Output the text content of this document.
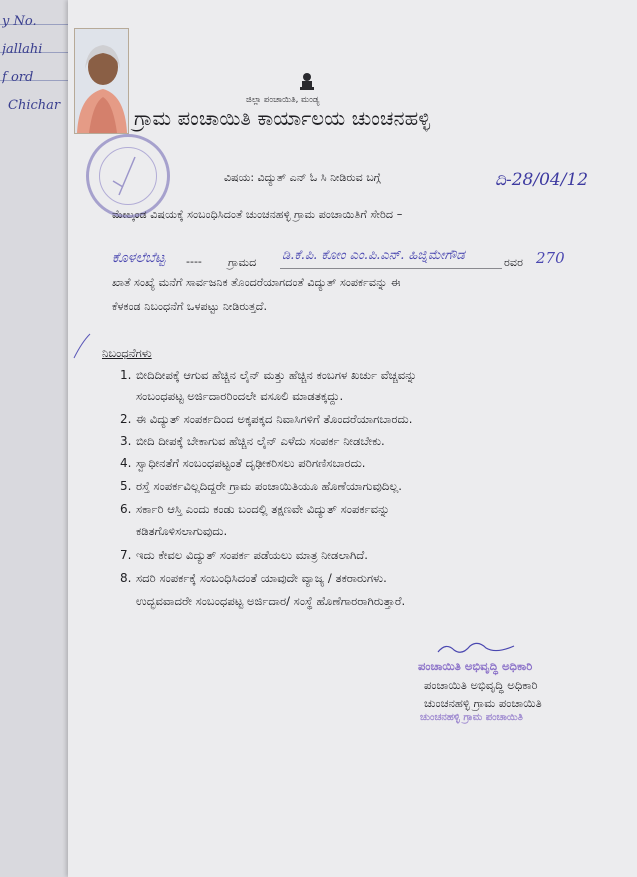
y No.
jallahi
f ord
Chichar	ಜಿಲ್ಲಾ ಪಂಚಾಯಿತಿ, ಮಂಡ್ಯ
ಗ್ರಾಮ ಪಂಚಾಯಿತಿ ಕಾರ್ಯಾಲಯ ಚುಂಚನಹಳ್ಳಿ
ವಿಷಯ: ವಿದ್ಯುತ್ ಎನ್ ಓ ಸಿ ನೀಡಿರುವ ಬಗ್ಗೆ	ದಿ-28/04/12
ಮೇಲ್ಕಂಡ ವಿಷಯಕ್ಕೆ ಸಂಬಂಧಿಸಿದಂತೆ ಚುಂಚನಹಳ್ಳಿ ಗ್ರಾಮ ಪಂಚಾಯಿತಿಗೆ ಸೇರಿದ –
ಕೊಳಲೆಬೆಟ್ಟ ---- ಗ್ರಾಮದ ಡಿ.ಕೆ.ಪಿ. ಕೋಂ ಎಂ.ಪಿ.ಎನ್. ಹಿಜ್ನಿಮೇಗೌಡ	ರವರ 270
ಖಾತೆ ಸಂಖ್ಯೆ ಮನೆಗೆ ಸಾರ್ವಜನಿಕ ತೊಂದರೆಯಾಗದಂತೆ ವಿದ್ಯುತ್ ಸಂಪರ್ಕವನ್ನು ಈ
ಕೆಳಕಂಡ ನಿಬಂಧನೆಗೆ ಒಳಪಟ್ಟು ನೀಡಿರುತ್ತದೆ.
ನಿಬಂಧನೆಗಳು
1. ಬೀದಿದೀಪಕ್ಕೆ ಆಗುವ ಹೆಚ್ಚಿನ ಲೈನ್ ಮತ್ತು ಹೆಚ್ಚಿನ ಕಂಬಗಳ ಖರ್ಚು ವೆಚ್ಚವನ್ನು
ಸಂಬಂಧಪಟ್ಟ ಅರ್ಜಿದಾರರಿಂದಲೇ ವಸೂಲಿ ಮಾಡತಕ್ಕದ್ದು.
2. ಈ ವಿದ್ಯುತ್ ಸಂಪರ್ಕದಿಂದ ಅಕ್ಕಪಕ್ಕದ ನಿವಾಸಿಗಳಿಗೆ ತೊಂದರೆಯಾಗಬಾರದು.
3. ಬೀದಿ ದೀಪಕ್ಕೆ ಬೇಕಾಗುವ ಹೆಚ್ಚಿನ ಲೈನ್ ಎಳೆದು ಸಂಪರ್ಕ ನೀಡಬೇಕು.
4. ಸ್ವಾಧೀನತೆಗೆ ಸಂಬಂಧಪಟ್ಟಂತೆ ದೃಢೀಕರಿಸಲು ಪರಿಗಣಿಸಬಾರದು.
5. ರಸ್ತೆ ಸಂಪರ್ಕವಿಲ್ಲದಿದ್ದರೇ ಗ್ರಾಮ ಪಂಚಾಯಿತಿಯೂ ಹೊಣೆಯಾಗುವುದಿಲ್ಲ.
6. ಸರ್ಕಾರಿ ಆಸ್ತಿ ಎಂದು ಕಂಡು ಬಂದಲ್ಲಿ ತಕ್ಷಣವೇ ವಿದ್ಯುತ್ ಸಂಪರ್ಕವನ್ನು
ಕಡಿತಗೊಳಿಸಲಾಗುವುದು.
7. ಇದು ಕೇವಲ ವಿದ್ಯುತ್ ಸಂಪರ್ಕ ಪಡೆಯಲು ಮಾತ್ರ ನೀಡಲಾಗಿದೆ.
8. ಸದರಿ ಸಂಪರ್ಕಕ್ಕೆ ಸಂಬಂಧಿಸಿದಂತೆ ಯಾವುದೇ ವ್ಯಾಜ್ಯ / ತಕರಾರುಗಳು.
ಉದ್ಭವವಾದರೇ ಸಂಬಂಧಪಟ್ಟ ಅರ್ಜಿದಾರ/ ಸಂಸ್ಥೆ ಹೊಣೆಗಾರರಾಗಿರುತ್ತಾರೆ.
ಪಂಚಾಯಿತಿ ಅಭಿವೃದ್ಧಿ ಅಧಿಕಾರಿ
ಪಂಚಾಯಿತಿ ಅಭಿವೃದ್ಧಿ ಅಧಿಕಾರಿ
ಚುಂಚನಹಳ್ಳಿ ಗ್ರಾಮ ಪಂಚಾಯಿತಿ
ಚುಂಚನಹಳ್ಳಿ ಗ್ರಾಮ ಪಂಚಾಯಿತಿ
